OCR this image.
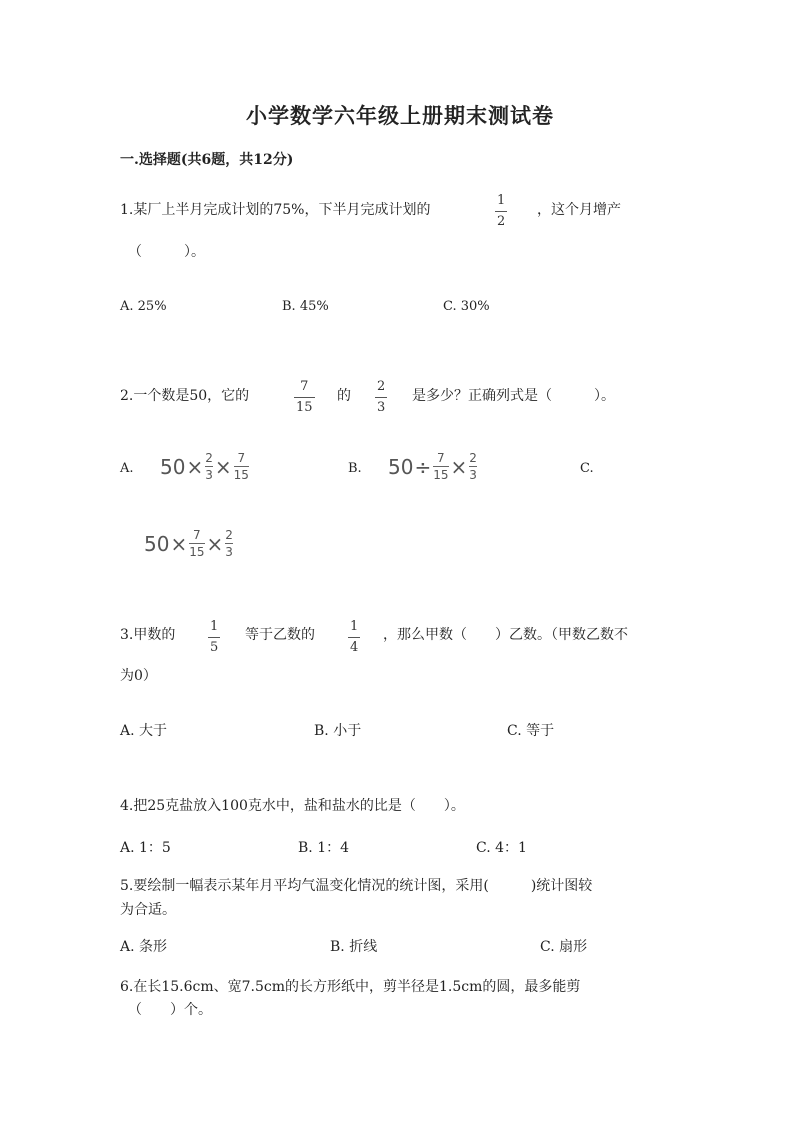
小学数学六年级上册期末测试卷
一.选择题(共6题，共12分)
1.某厂上半月完成计划的75%，下半月完成计划的
1
2
，这个月增产
（　　　）。
A. 25%	B. 45%	C. 30%
2.一个数是50，它的
7
15
的
2
3
是多少？正确列式是（　　　）。
A. 50 × 2
3 × 7
15	B. 50 ÷ 7
15 × 2
3	C.
50 × 7
15 × 2
3
3.甲数的
1
5
等于乙数的
1
4
，那么甲数（　　）乙数。（甲数乙数不
为0）
A. 大于	B. 小于	C. 等于
4.把25克盐放入100克水中，盐和盐水的比是（　　）。
A. 1：5	B. 1：4	C. 4：1
5.要绘制一幅表示某年月平均气温变化情况的统计图，采用(　　　)统计图较
为合适。
A. 条形	B. 折线	C. 扇形
6.在长15.6cm、宽7.5cm的长方形纸中，剪半径是1.5cm的圆，最多能剪
（　　）个。
